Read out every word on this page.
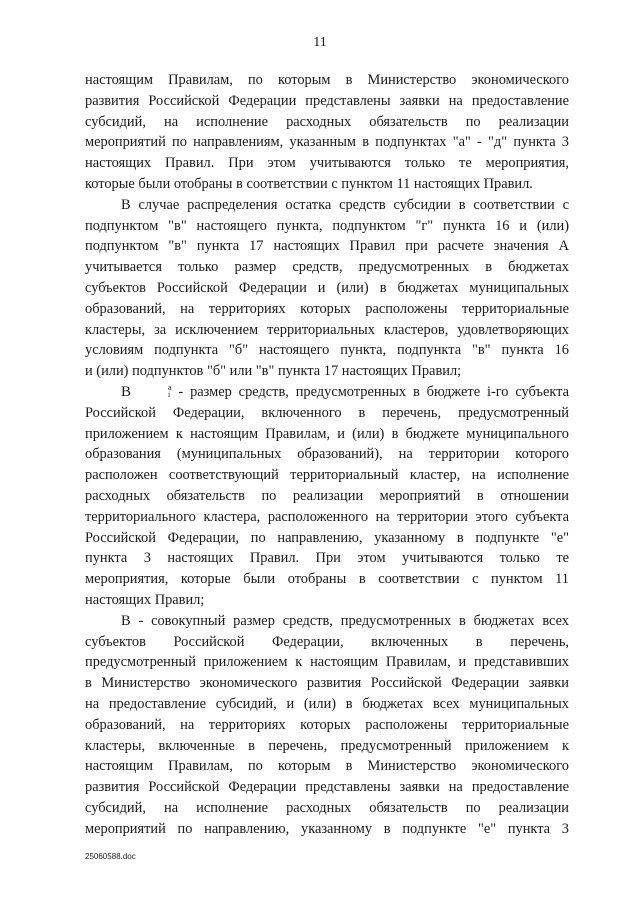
11
настоящим Правилам, по которым в Министерство экономического
развития Российской Федерации представлены заявки на предоставление
субсидий, на исполнение расходных обязательств по реализации
мероприятий по направлениям, указанным в подпунктах "а" - "д" пункта 3
настоящих Правил. При этом учитываются только те мероприятия,
которые были отобраны в соответствии с пунктом 11 настоящих Правил.
В случае распределения остатка средств субсидии в соответствии с
подпунктом "в" настоящего пункта, подпунктом "г" пункта 16 и (или)
подпунктом "в" пункта 17 настоящих Правил при расчете значения А
учитывается только размер средств, предусмотренных в бюджетах
субъектов Российской Федерации и (или) в бюджетах муниципальных
образований, на территориях которых расположены территориальные
кластеры, за исключением территориальных кластеров, удовлетворяющих
условиям подпункта "б" настоящего пункта, подпункта "в" пункта 16
и (или) подпунктов "б" или "в" пункта 17 настоящих Правил;
B	a
i - размер средств, предусмотренных в бюджете i-го субъекта
Российской Федерации, включенного в перечень, предусмотренный
приложением к настоящим Правилам, и (или) в бюджете муниципального
образования (муниципальных образований), на территории которого
расположен соответствующий территориальный кластер, на исполнение
расходных обязательств по реализации мероприятий в отношении
территориального кластера, расположенного на территории этого субъекта
Российской Федерации, по направлению, указанному в подпункте "е"
пункта 3 настоящих Правил. При этом учитываются только те
мероприятия, которые были отобраны в соответствии с пунктом 11
настоящих Правил;
В - совокупный размер средств, предусмотренных в бюджетах всех
субъектов Российской Федерации, включенных в перечень,
предусмотренный приложением к настоящим Правилам, и представивших
в Министерство экономического развития Российской Федерации заявки
на предоставление субсидий, и (или) в бюджетах всех муниципальных
образований, на территориях которых расположены территориальные
кластеры, включенные в перечень, предусмотренный приложением к
настоящим Правилам, по которым в Министерство экономического
развития Российской Федерации представлены заявки на предоставление
субсидий, на исполнение расходных обязательств по реализации
мероприятий по направлению, указанному в подпункте "е" пункта 3
25060588.doc
